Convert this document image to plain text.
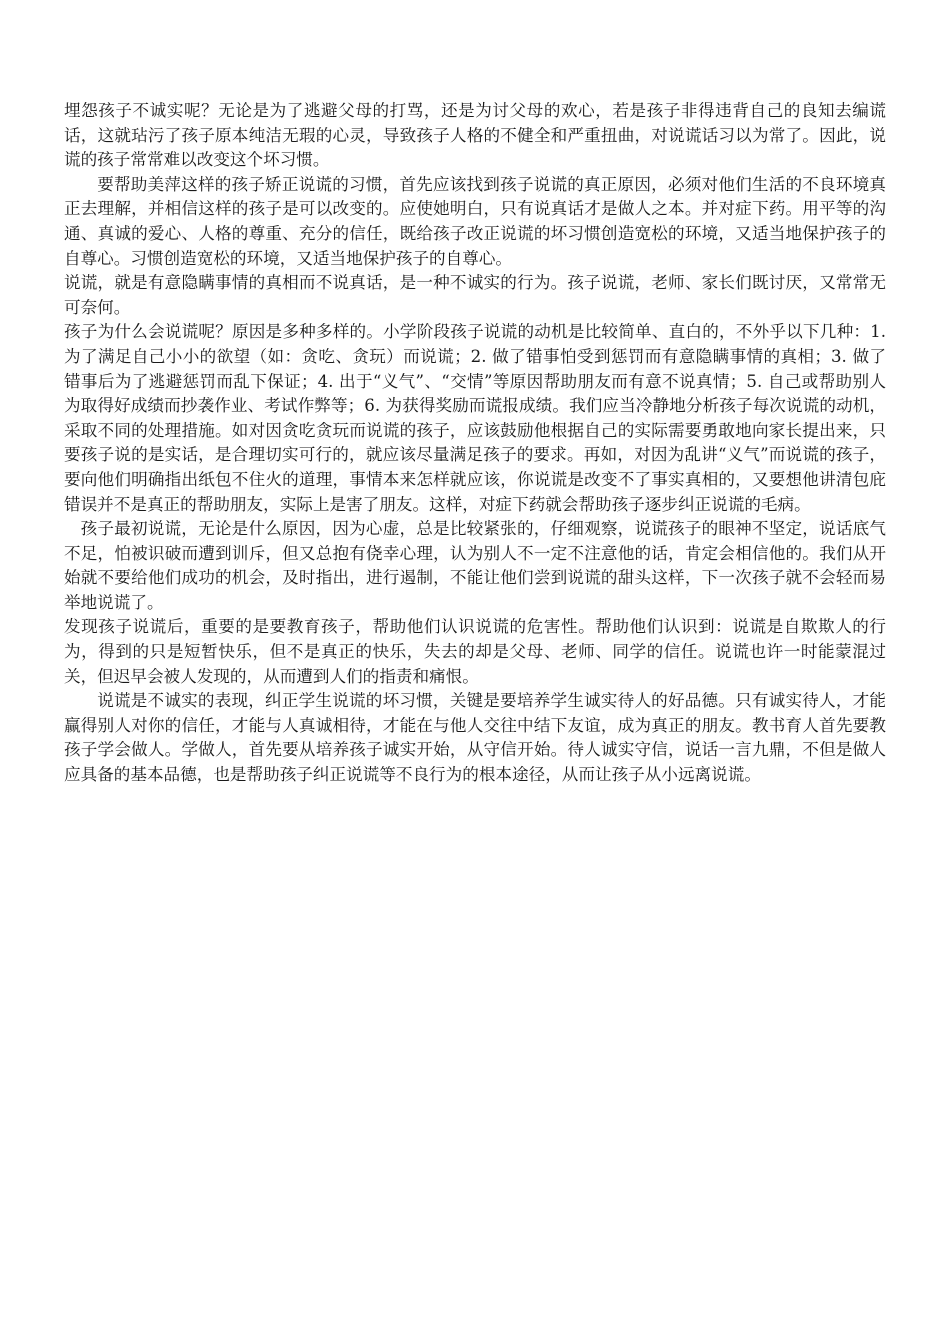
埋怨孩子不诚实呢？无论是为了逃避父母的打骂，还是为讨父母的欢心，若是孩子非得违背自己的良知去编谎话，这就玷污了孩子原本纯洁无瑕的心灵，导致孩子人格的不健全和严重扭曲，对说谎话习以为常了。因此，说谎的孩子常常难以改变这个坏习惯。

要帮助美萍这样的孩子矫正说谎的习惯，首先应该找到孩子说谎的真正原因，必须对他们生活的不良环境真正去理解，并相信这样的孩子是可以改变的。应使她明白，只有说真话才是做人之本。并对症下药。用平等的沟通、真诚的爱心、人格的尊重、充分的信任，既给孩子改正说谎的坏习惯创造宽松的环境，又适当地保护孩子的自尊心。习惯创造宽松的环境，又适当地保护孩子的自尊心。

说谎，就是有意隐瞒事情的真相而不说真话，是一种不诚实的行为。孩子说谎，老师、家长们既讨厌，又常常无可奈何。

孩子为什么会说谎呢？原因是多种多样的。小学阶段孩子说谎的动机是比较简单、直白的，不外乎以下几种：1. 为了满足自己小小的欲望（如：贪吃、贪玩）而说谎；2. 做了错事怕受到惩罚而有意隐瞒事情的真相；3. 做了错事后为了逃避惩罚而乱下保证；4. 出于“义气”、“交情”等原因帮助朋友而有意不说真情；5. 自己或帮助别人为取得好成绩而抄袭作业、考试作弊等；6. 为获得奖励而谎报成绩。我们应当冷静地分析孩子每次说谎的动机，采取不同的处理措施。如对因贪吃贪玩而说谎的孩子，应该鼓励他根据自己的实际需要勇敢地向家长提出来，只要孩子说的是实话，是合理切实可行的，就应该尽量满足孩子的要求。再如，对因为乱讲“义气”而说谎的孩子，要向他们明确指出纸包不住火的道理，事情本来怎样就应该，你说谎是改变不了事实真相的，又要想他讲清包庇错误并不是真正的帮助朋友，实际上是害了朋友。这样，对症下药就会帮助孩子逐步纠正说谎的毛病。

孩子最初说谎，无论是什么原因，因为心虚，总是比较紧张的，仔细观察，说谎孩子的眼神不坚定，说话底气不足，怕被识破而遭到训斥，但又总抱有侥幸心理，认为别人不一定不注意他的话，肯定会相信他的。我们从开始就不要给他们成功的机会，及时指出，进行遏制，不能让他们尝到说谎的甜头这样，下一次孩子就不会轻而易举地说谎了。

发现孩子说谎后，重要的是要教育孩子，帮助他们认识说谎的危害性。帮助他们认识到：说谎是自欺欺人的行为，得到的只是短暂快乐，但不是真正的快乐，失去的却是父母、老师、同学的信任。说谎也许一时能蒙混过关，但迟早会被人发现的，从而遭到人们的指责和痛恨。

说谎是不诚实的表现，纠正学生说谎的坏习惯，关键是要培养学生诚实待人的好品德。只有诚实待人，才能赢得别人对你的信任，才能与人真诚相待，才能在与他人交往中结下友谊，成为真正的朋友。教书育人首先要教孩子学会做人。学做人，首先要从培养孩子诚实开始，从守信开始。待人诚实守信，说话一言九鼎，不但是做人应具备的基本品德，也是帮助孩子纠正说谎等不良行为的根本途径，从而让孩子从小远离说谎。
